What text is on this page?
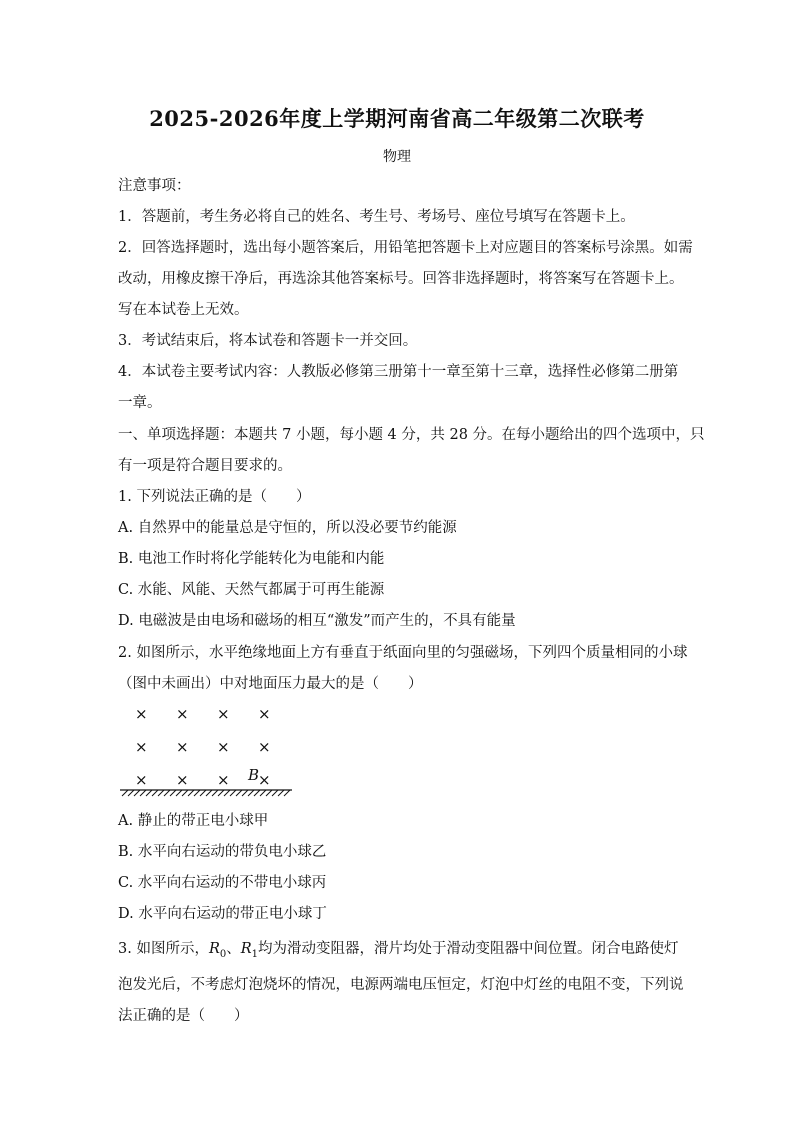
2025-2026年度上学期河南省高二年级第二次联考
物理
注意事项：
1．答题前，考生务必将自己的姓名、考生号、考场号、座位号填写在答题卡上。
2．回答选择题时，选出每小题答案后，用铅笔把答题卡上对应题目的答案标号涂黑。如需
改动，用橡皮擦干净后，再选涂其他答案标号。回答非选择题时，将答案写在答题卡上。
写在本试卷上无效。
3．考试结束后，将本试卷和答题卡一并交回。
4．本试卷主要考试内容：人教版必修第三册第十一章至第十三章，选择性必修第二册第
一章。
一、单项选择题：本题共 7 小题，每小题 4 分，共 28 分。在每小题给出的四个选项中，只
有一项是符合题目要求的。
1. 下列说法正确的是（　　）
A. 自然界中的能量总是守恒的，所以没必要节约能源
B. 电池工作时将化学能转化为电能和内能
C. 水能、风能、天然气都属于可再生能源
D. 电磁波是由电场和磁场的相互“激发”而产生的，不具有能量
2. 如图所示，水平绝缘地面上方有垂直于纸面向里的匀强磁场，下列四个质量相同的小球
（图中未画出）中对地面压力最大的是（　　）
× × × ×
× × × ×
× × × ×
B
A. 静止的带正电小球甲
B. 水平向右运动的带负电小球乙
C. 水平向右运动的不带电小球丙
D. 水平向右运动的带正电小球丁
3. 如图所示，$R_0$、$R_1$均为滑动变阻器，滑片均处于滑动变阻器中间位置。闭合电路使灯
泡发光后，不考虑灯泡烧坏的情况，电源两端电压恒定，灯泡中灯丝的电阻不变，下列说
法正确的是（　　）
